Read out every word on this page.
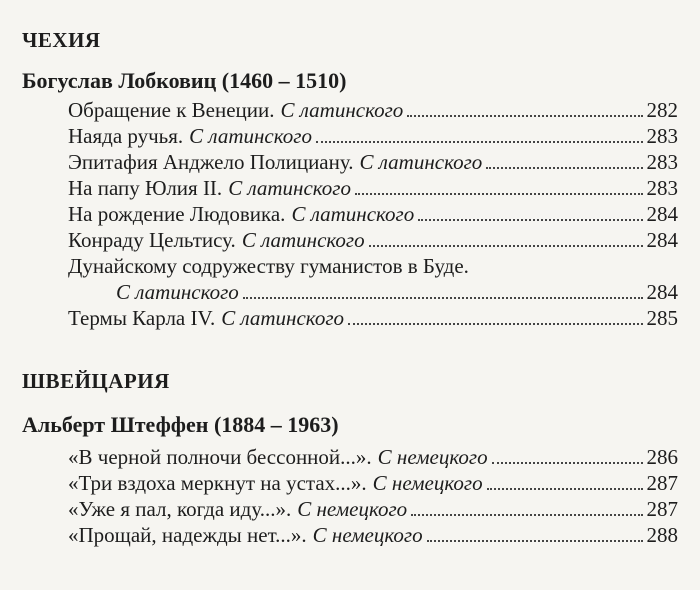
ЧЕХИЯ
Богуслав Лобковиц (1460 – 1510)
Обращение к Венеции. С латинского	282
Наяда ручья. С латинского	283
Эпитафия Анджело Полициану. С латинского	283
На папу Юлия II. С латинского	283
На рождение Людовика. С латинского	284
Конраду Цельтису. С латинского	284
Дунайскому содружеству гуманистов в Буде.
С латинского	284
Термы Карла IV. С латинского	285
ШВЕЙЦАРИЯ
Альберт Штеффен (1884 – 1963)
«В черной полночи бессонной...». С немецкого	286
«Три вздоха меркнут на устах...». С немецкого	287
«Уже я пал, когда иду...». С немецкого	287
«Прощай, надежды нет...». С немецкого	288
